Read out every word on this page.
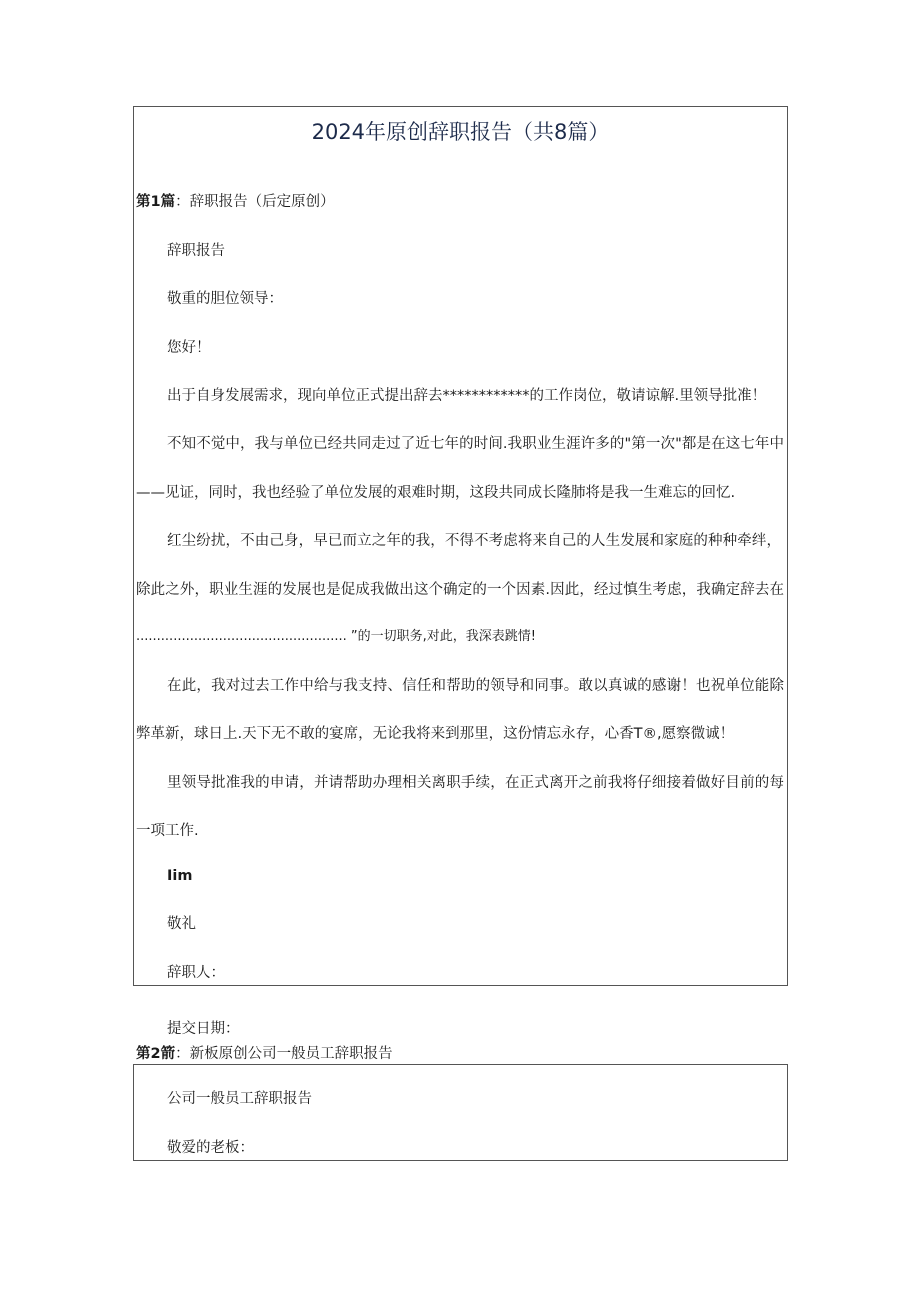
2024年原创辞职报告（共8篇）
第1篇：辞职报告（后定原创）
辞职报告
敬重的胆位领导：
您好！
出于自身发展需求，现向单位正式提出辞去************的工作岗位，敬请谅解.里领导批准！
不知不觉中，我与单位已经共同走过了近七年的时间.我职业生涯许多的"第一次"都是在这七年中
——见证，同时，我也经验了单位发展的艰难时期，这段共同成长隆肺将是我一生难忘的回忆.
红尘纷扰，不由己身，早已而立之年的我，不得不考虑将来自己的人生发展和家庭的种种牵绊，
除此之外，职业生涯的发展也是促成我做出这个确定的一个因素.因此，经过慎生考虑，我确定辞去在
................................................... ”的一切职务,对此，我深表跳情!
在此，我对过去工作中给与我支持、信任和帮助的领导和同事。敢以真诚的感谢！也祝单位能除
弊革新，球日上.天下无不敢的宴席，无论我将来到那里，这份情忘永存，心香T®,愿察微诚！
里领导批准我的申请，并请帮助办理相关离职手续，在正式离开之前我将仔细接着做好目前的每
一项工作.
Iim
敬礼
辞职人：
提交日期：
第2箭：新板原创公司一般员工辞职报告
公司一般员工辞职报告
敬爱的老板：
